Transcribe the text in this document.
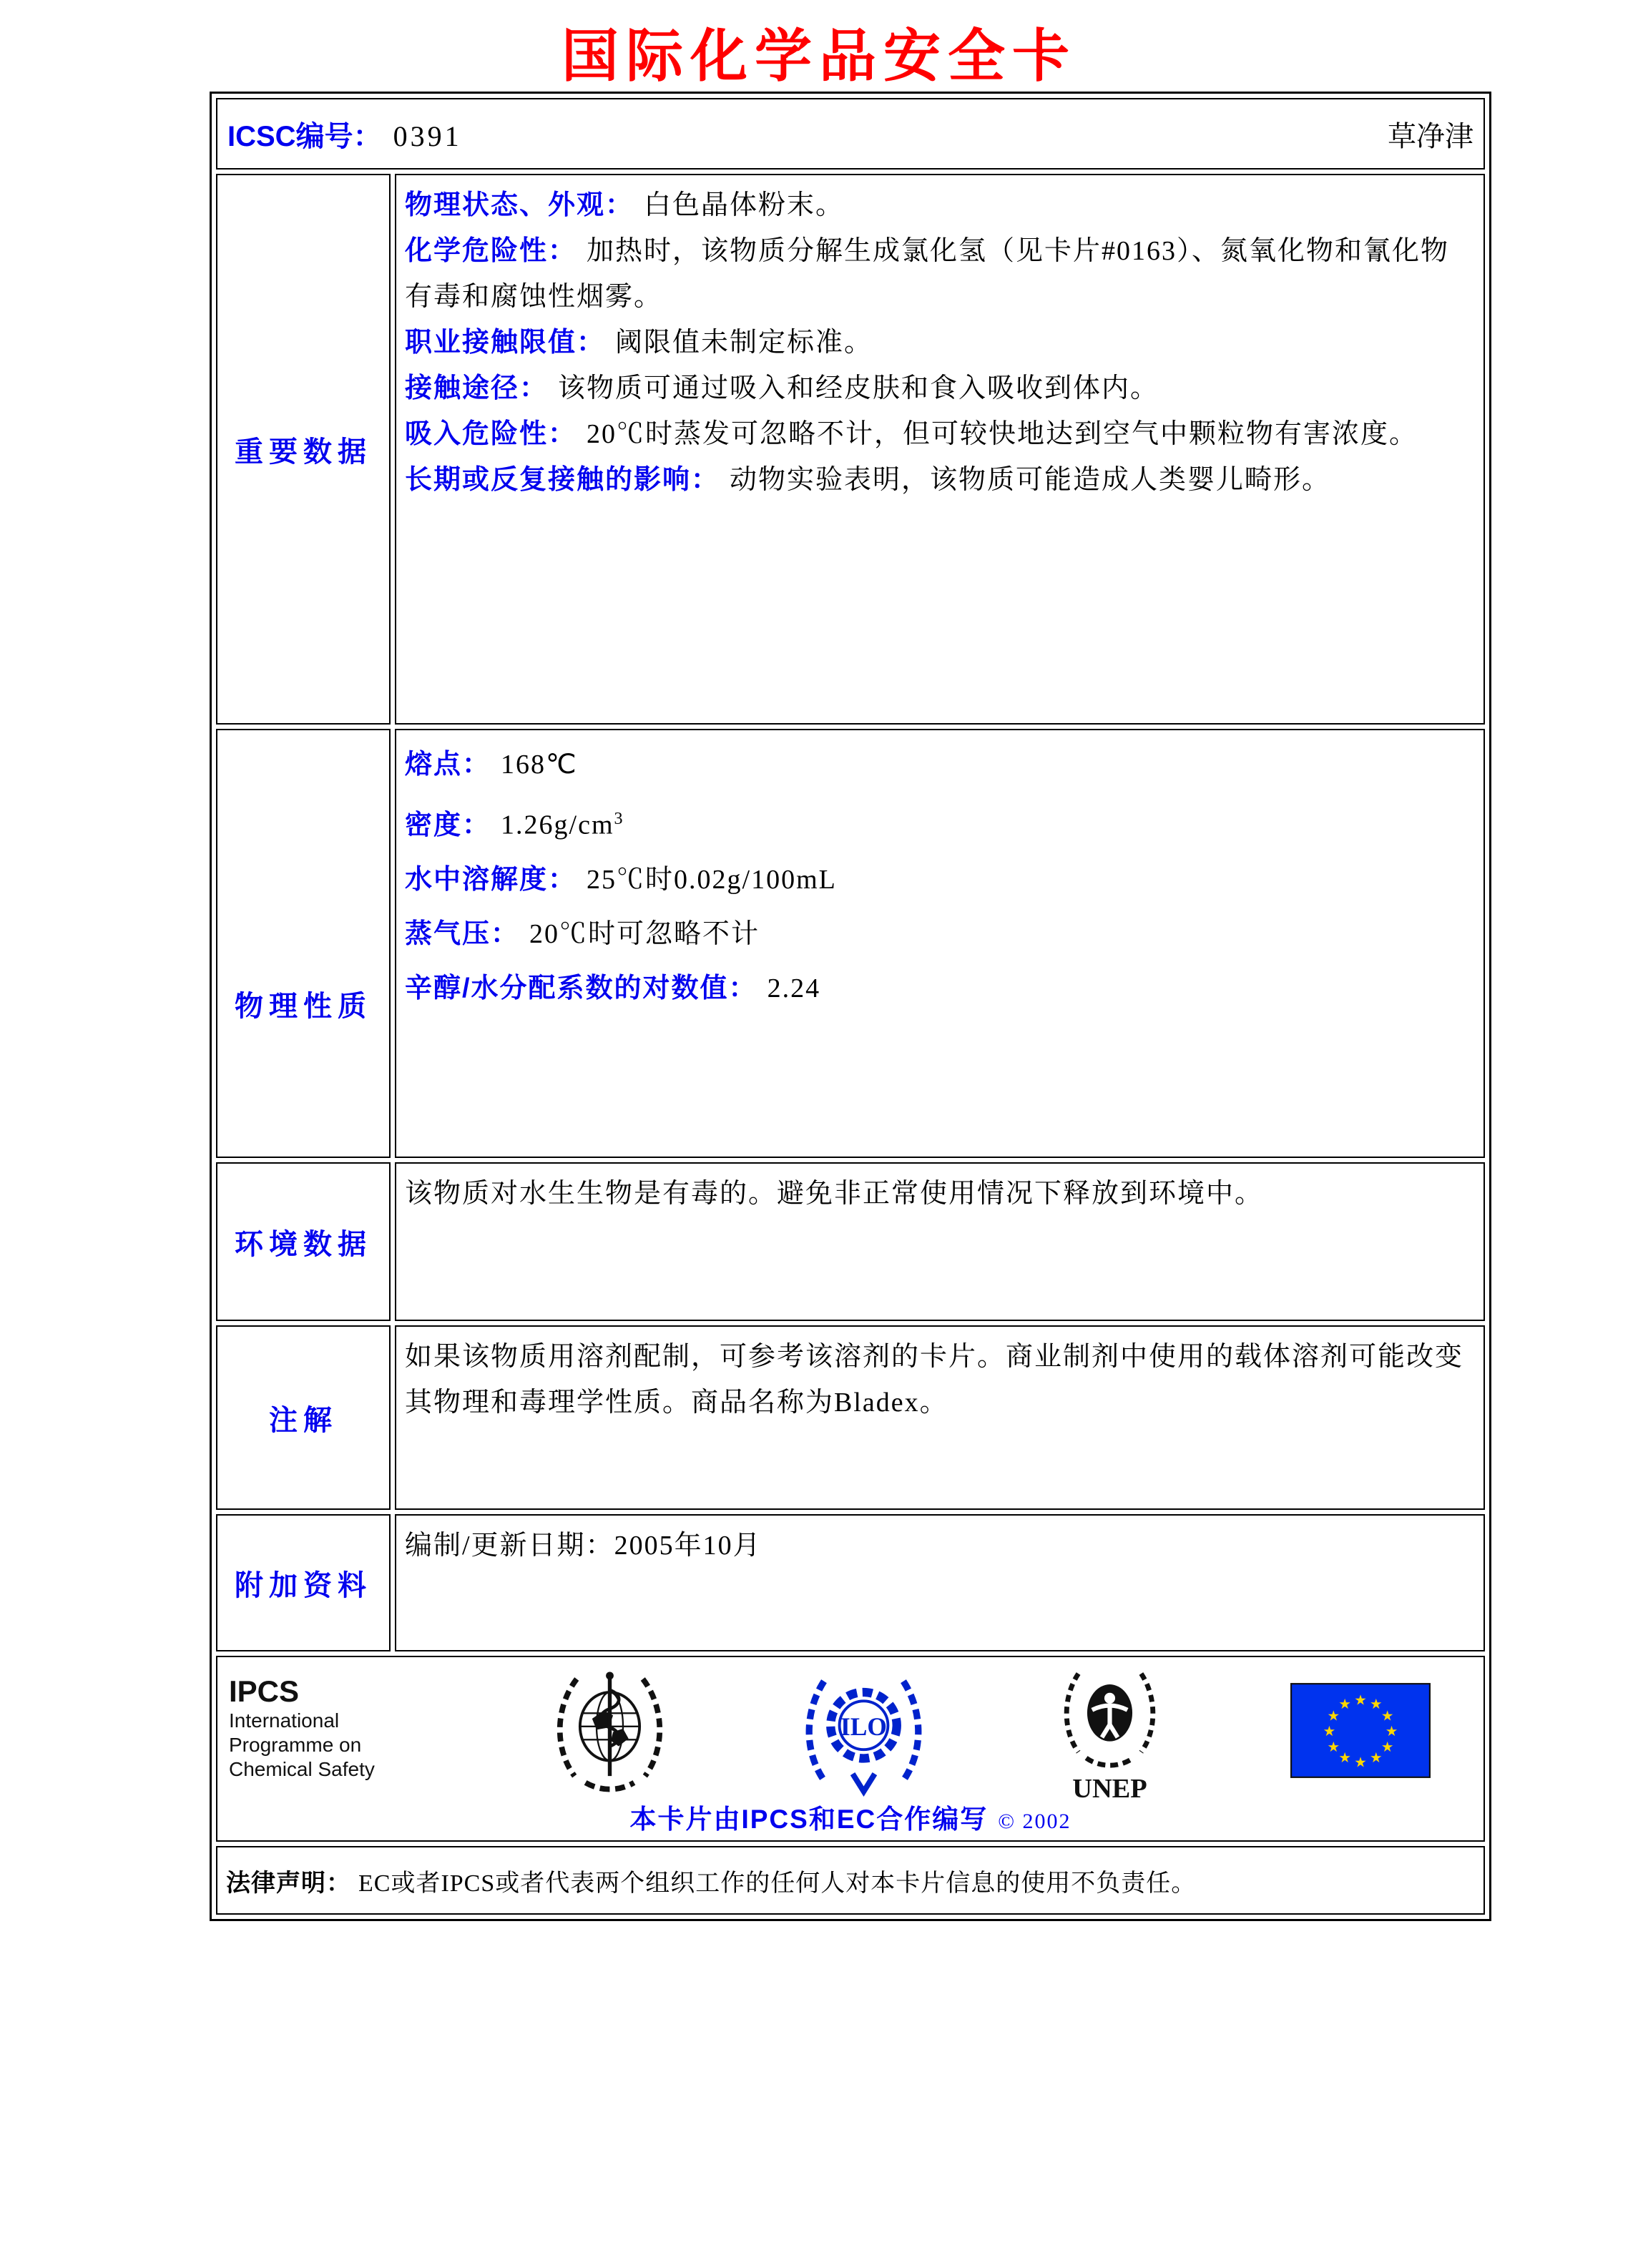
国际化学品安全卡
ICSC编号： 0391	草净津
重要数据
物理状态、外观： 白色晶体粉末。
化学危险性： 加热时，该物质分解生成氯化氢（见卡片#0163）、氮氧化物和氰化物有毒和腐蚀性烟雾。
职业接触限值： 阈限值未制定标准。
接触途径： 该物质可通过吸入和经皮肤和食入吸收到体内。
吸入危险性： 20℃时蒸发可忽略不计，但可较快地达到空气中颗粒物有害浓度。
长期或反复接触的影响： 动物实验表明，该物质可能造成人类婴儿畸形。
物理性质
熔点： 168℃
密度： $1.26g/cm^3$
水中溶解度： 25℃时0.02g/100mL
蒸气压： 20℃时可忽略不计
辛醇/水分配系数的对数值： 2.24
环境数据
该物质对水生生物是有毒的。避免非正常使用情况下释放到环境中。
注解
如果该物质用溶剂配制，可参考该溶剂的卡片。商业制剂中使用的载体溶剂可能改变其物理和毒理学性质。商品名称为Bladex。
附加资料
编制/更新日期：2005年10月
IPCS
International
Programme on
Chemical Safety
ILO
UNEP
★ ★
★
★
★
★
★
★
★
★
★
★
本卡片由IPCS和EC合作编写 © 2002
法律声明： EC或者IPCS或者代表两个组织工作的任何人对本卡片信息的使用不负责任。
